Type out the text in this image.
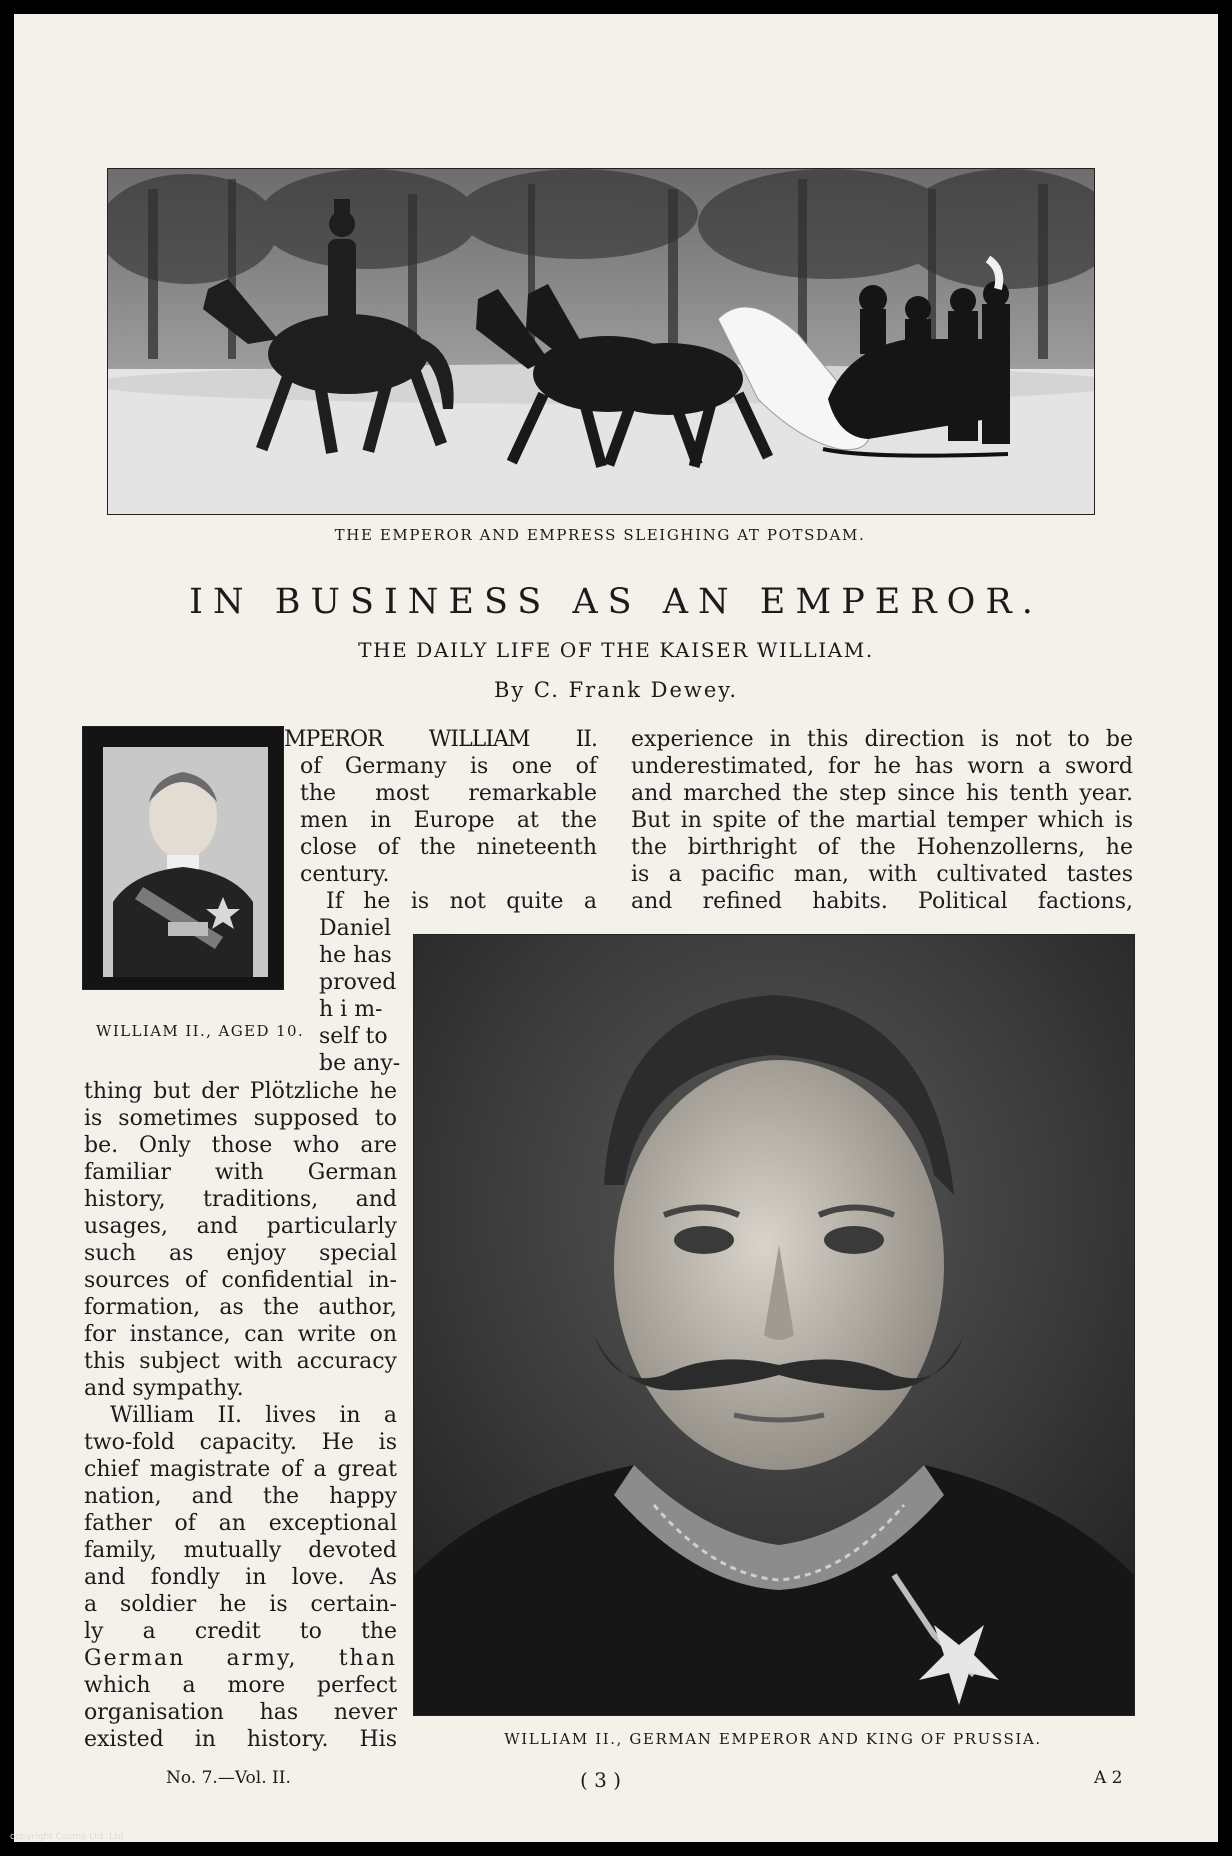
THE EMPEROR AND EMPRESS SLEIGHING AT POTSDAM.
IN BUSINESS AS AN EMPEROR.
THE DAILY LIFE OF THE KAISER WILLIAM.
By C. Frank Dewey.
WILLIAM II., AGED 10.
MPEROR WILLIAM II.
of Germany is one of
the most remarkable
men in Europe at the
close of the nineteenth
century.
If he is not quite a
Daniel
he has
proved
h i m-
self to
be any-
thing but der Plötzliche he
is sometimes supposed to
be. Only those who are
familiar with German
history, traditions, and
usages, and particularly
such as enjoy special
sources of confidential in-
formation, as the author,
for instance, can write on
this subject with accuracy
and sympathy.
William II. lives in a
two-fold capacity. He is
chief magistrate of a great
nation, and the happy
father of an exceptional
family, mutually devoted
and fondly in love. As
a soldier he is certain-
ly a credit to the
German army, than
which a more perfect
organisation has never
existed in history. His
experience in this direction is not to be
underestimated, for he has worn a sword
and marched the step since his tenth year.
But in spite of the martial temper which is
the birthright of the Hohenzollerns, he
is a pacific man, with cultivated tastes
and refined habits. Political factions,
WILLIAM II., GERMAN EMPEROR AND KING OF PRUSSIA.
No. 7.—Vol. II.	( 3 )	A 2
copyright Cosmo Ltd. Ltd
